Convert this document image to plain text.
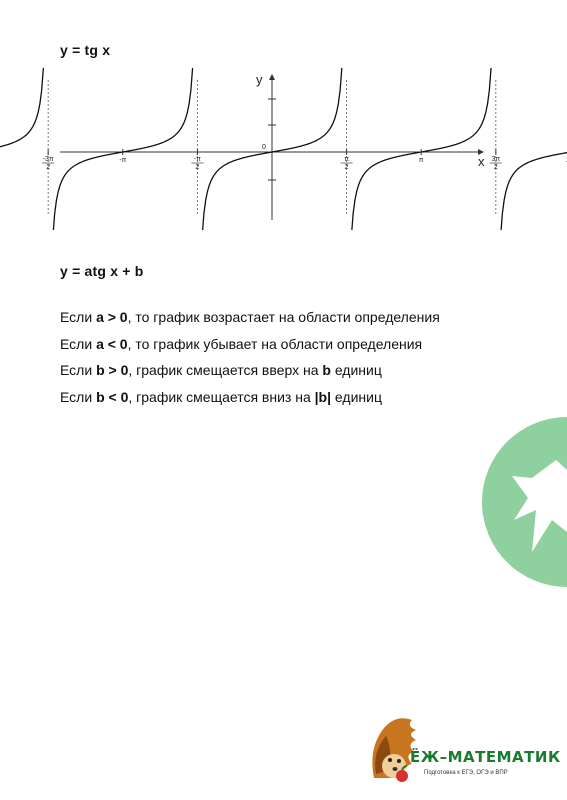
y = tg x
2
-3π	-π
2
-π
2
π	π
2
3π
x
y
0
y = atg x + b
Если a > 0, то график возрастает на области определения
Если a < 0, то график убывает на области определения
Если b > 0, график смещается вверх на b единиц
Если b < 0, график смещается вниз на |b| единиц
ЁЖ–МАТЕМАТИК
Подготовка к ЕГЭ, ОГЭ и ВПР
